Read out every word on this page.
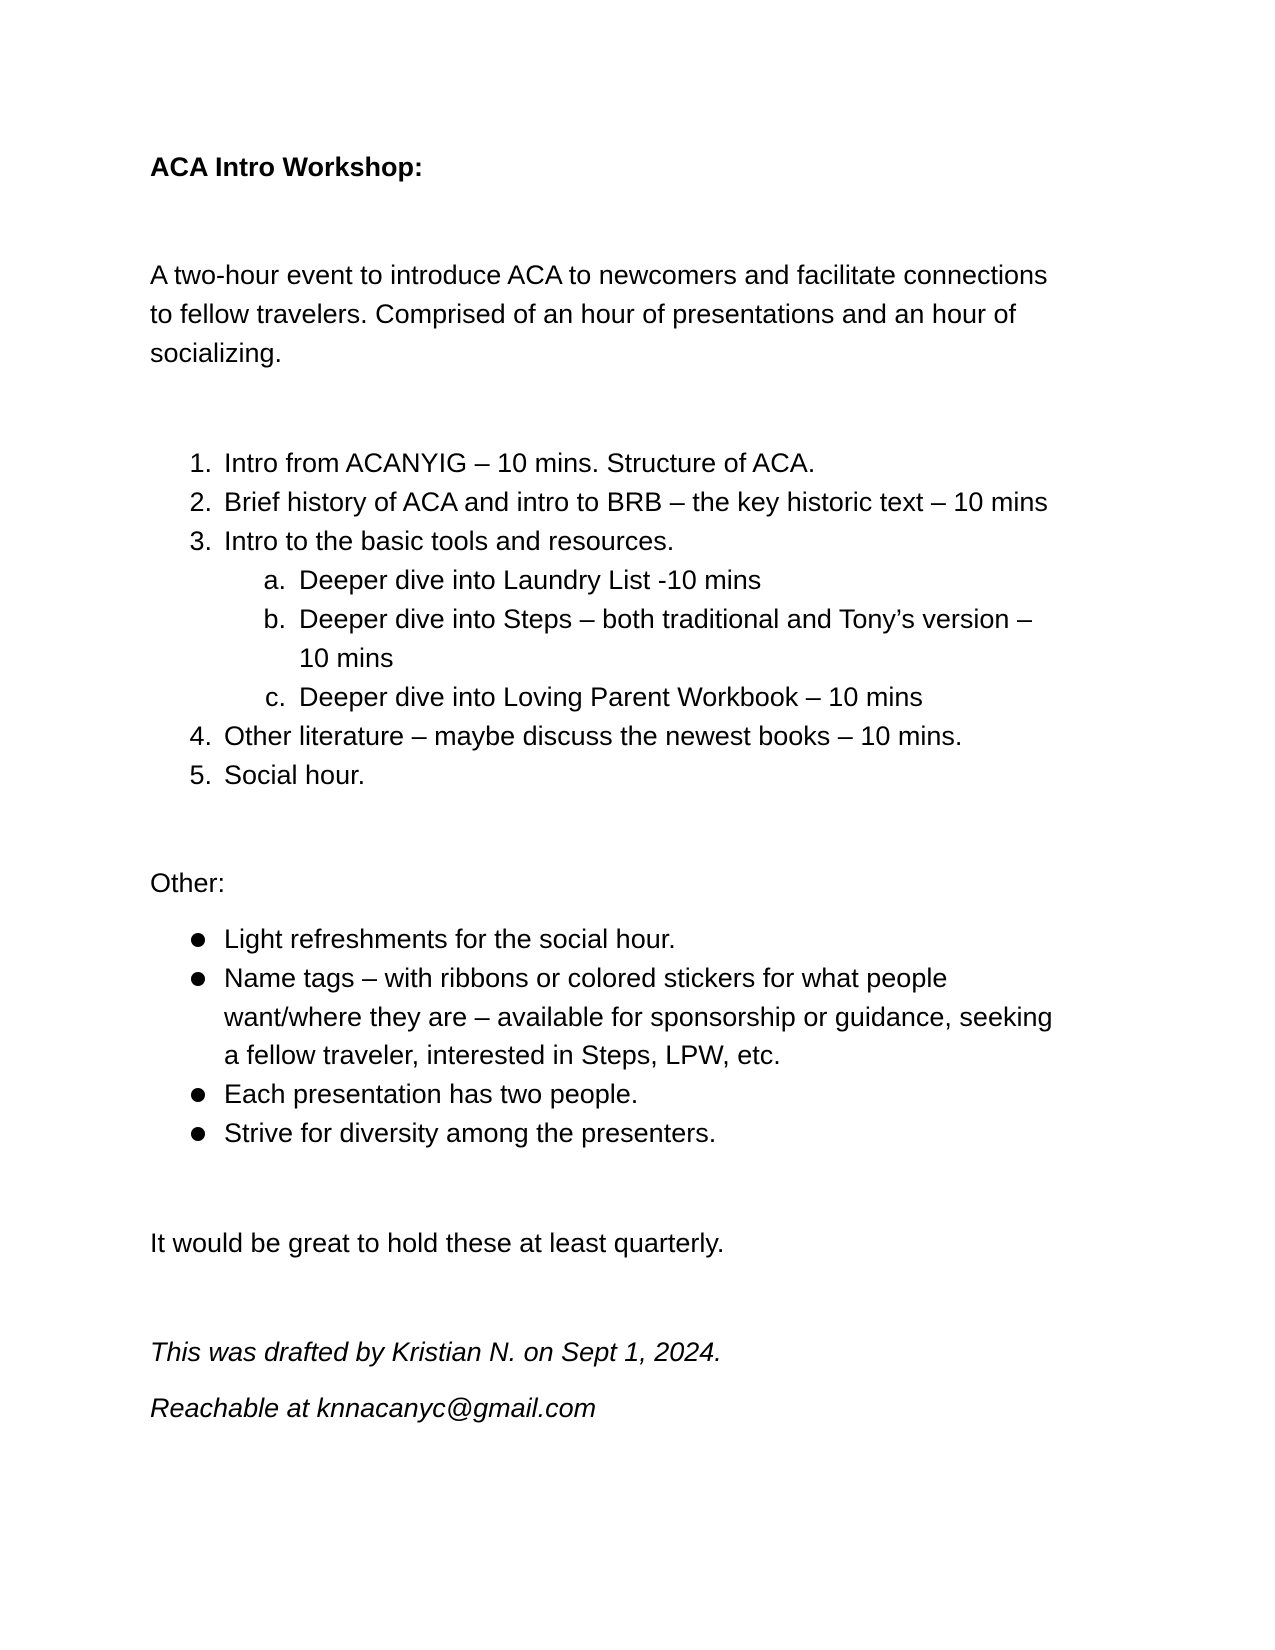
ACA Intro Workshop:
A two-hour event to introduce ACA to newcomers and facilitate connections
to fellow travelers. Comprised of an hour of presentations and an hour of
socializing.
1. Intro from ACANYIG – 10 mins. Structure of ACA.
2. Brief history of ACA and intro to BRB – the key historic text – 10 mins
3. Intro to the basic tools and resources.
a. Deeper dive into Laundry List -10 mins
b. Deeper dive into Steps – both traditional and Tony’s version –
10 mins
c. Deeper dive into Loving Parent Workbook – 10 mins
4. Other literature – maybe discuss the newest books – 10 mins.
5. Social hour.
Other:
Light refreshments for the social hour.
Name tags – with ribbons or colored stickers for what people
want/where they are – available for sponsorship or guidance, seeking
a fellow traveler, interested in Steps, LPW, etc.
Each presentation has two people.
Strive for diversity among the presenters.
It would be great to hold these at least quarterly.
This was drafted by Kristian N. on Sept 1, 2024.
Reachable at knnacanyc@gmail.com
